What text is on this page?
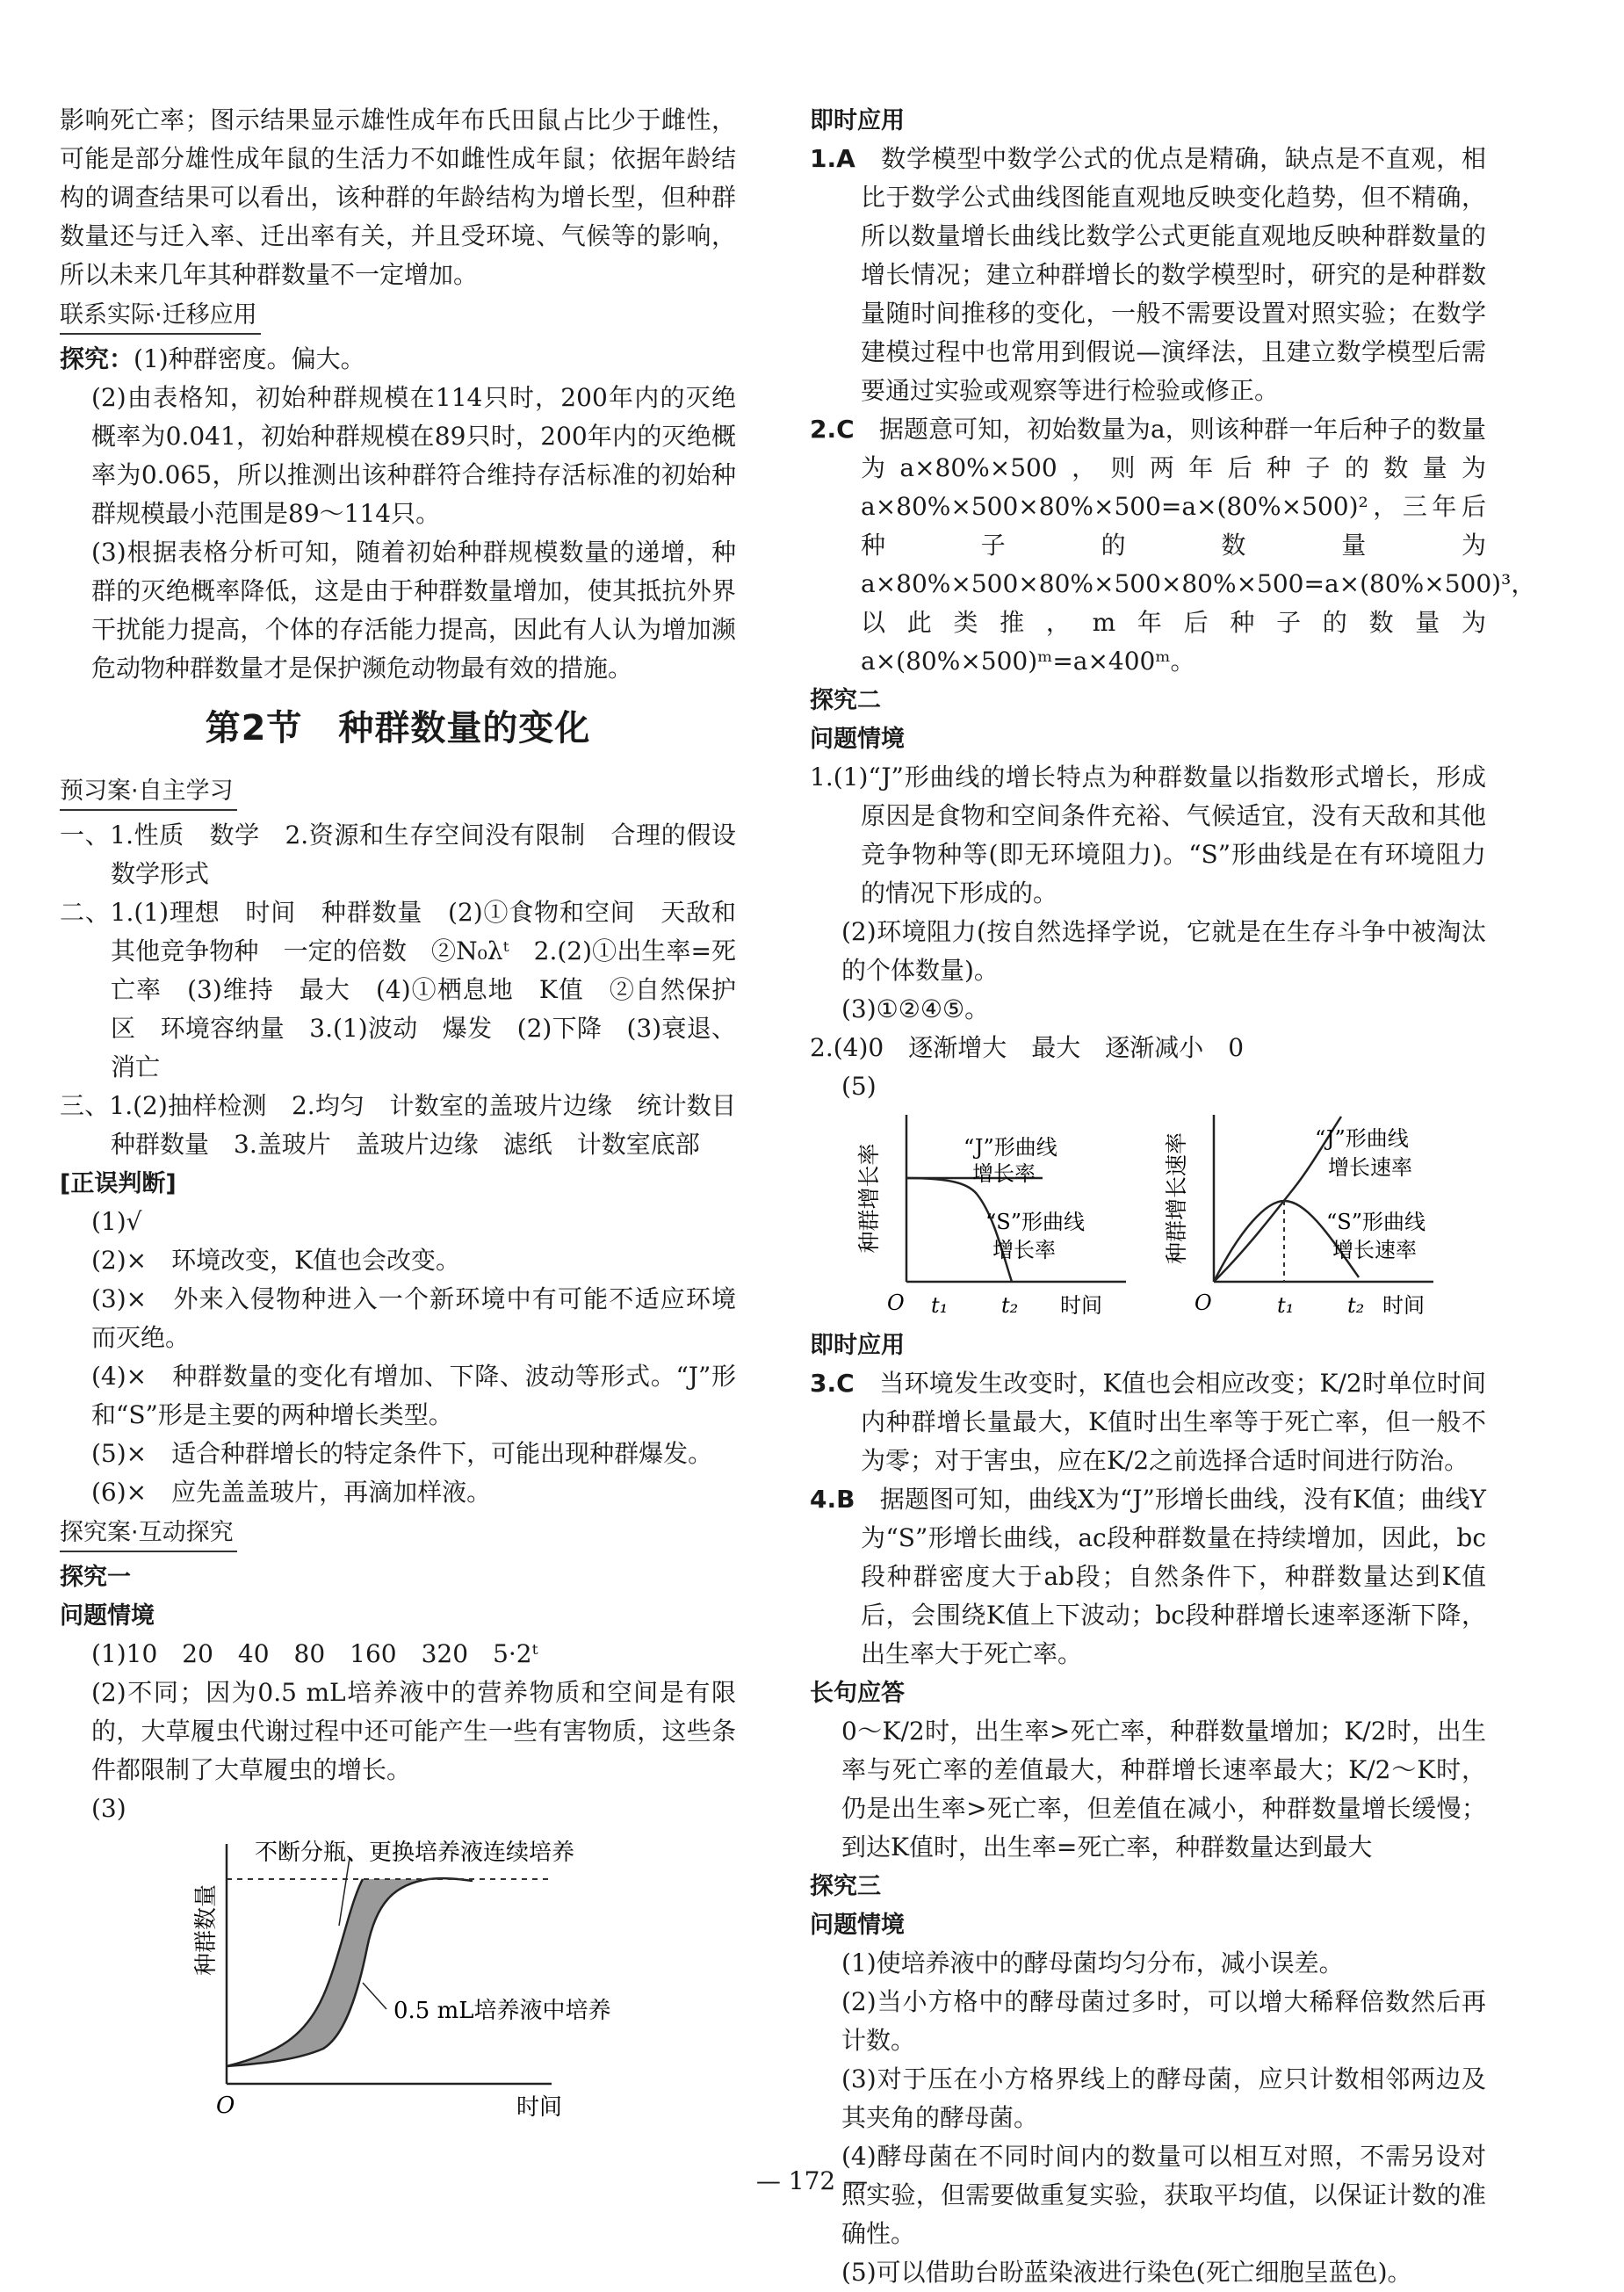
影响死亡率；图示结果显示雄性成年布氏田鼠占比少于雌性，可能是部分雄性成年鼠的生活力不如雌性成年鼠；依据年龄结构的调查结果可以看出，该种群的年龄结构为增长型，但种群数量还与迁入率、迁出率有关，并且受环境、气候等的影响，所以未来几年其种群数量不一定增加。

联系实际·迁移应用

探究：(1)种群密度。偏大。

(2)由表格知，初始种群规模在114只时，200年内的灭绝概率为0.041，初始种群规模在89只时，200年内的灭绝概率为0.065，所以推测出该种群符合维持存活标准的初始种群规模最小范围是89～114只。

(3)根据表格分析可知，随着初始种群规模数量的递增，种群的灭绝概率降低，这是由于种群数量增加，使其抵抗外界干扰能力提高，个体的存活能力提高，因此有人认为增加濒危动物种群数量才是保护濒危动物最有效的措施。

第2节　种群数量的变化
预习案·自主学习

一、1.性质　数学　2.资源和生存空间没有限制　合理的假设　数学形式

二、1.(1)理想　时间　种群数量　(2)①食物和空间　天敌和其他竞争物种　一定的倍数　②N₀λᵗ　2.(2)①出生率=死亡率　(3)维持　最大　(4)①栖息地　K值　②自然保护区　环境容纳量　3.(1)波动　爆发　(2)下降　(3)衰退、消亡

三、1.(2)抽样检测　2.均匀　计数室的盖玻片边缘　统计数目　种群数量　3.盖玻片　盖玻片边缘　滤纸　计数室底部

[正误判断]

(1)√

(2)×　环境改变，K值也会改变。

(3)×　外来入侵物种进入一个新环境中有可能不适应环境而灭绝。

(4)×　种群数量的变化有增加、下降、波动等形式。“J”形和“S”形是主要的两种增长类型。

(5)×　适合种群增长的特定条件下，可能出现种群爆发。

(6)×　应先盖盖玻片，再滴加样液。

探究案·互动探究
探究一
问题情境

(1)10　20　40　80　160　320　5·2ᵗ

(2)不同；因为0.5 mL培养液中的营养物质和空间是有限的，大草履虫代谢过程中还可能产生一些有害物质，这些条件都限制了大草履虫的增长。

(3)

种群数量
时间
O
不断分瓶、更换培养液连续培养
0.5 mL培养液中培养
即时应用

1.A　 数学模型中数学公式的优点是精确，缺点是不直观，相比于数学公式曲线图能直观地反映变化趋势，但不精确，所以数量增长曲线比数学公式更能直观地反映种群数量的增长情况；建立种群增长的数学模型时，研究的是种群数量随时间推移的变化，一般不需要设置对照实验；在数学建模过程中也常用到假说—演绎法，且建立数学模型后需要通过实验或观察等进行检验或修正。

2.C　 据题意可知，初始数量为a，则该种群一年后种子的数量为a×80%×500，则两年后种子的数量为a×80%×500×80%×500=a×(80%×500)²，三年后种子的数量为a×80%×500×80%×500×80%×500=a×(80%×500)³，以此类推，m年后种子的数量为a×(80%×500)ᵐ=a×400ᵐ。

探究二
问题情境

1.(1)“J”形曲线的增长特点为种群数量以指数形式增长，形成原因是食物和空间条件充裕、气候适宜，没有天敌和其他竞争物种等(即无环境阻力)。“S”形曲线是在有环境阻力的情况下形成的。

(2)环境阻力(按自然选择学说，它就是在生存斗争中被淘汰的个体数量)。

(3)①②④⑤。

2.(4)0　逐渐增大　最大　逐渐减小　0

(5)

种群增长率	“J”形曲线
增长率
“S”形曲线
增长率
O t₁	t₂ 时间
种群增长速率	“J”形曲线
增长速率
“S”形曲线
增长速率
O	t₁	t₂ 时间
即时应用

3.C　 当环境发生改变时，K值也会相应改变；K/2时单位时间内种群增长量最大，K值时出生率等于死亡率，但一般不为零；对于害虫，应在K/2之前选择合适时间进行防治。

4.B　 据题图可知，曲线X为“J”形增长曲线，没有K值；曲线Y为“S”形增长曲线，ac段种群数量在持续增加，因此，bc段种群密度大于ab段；自然条件下，种群数量达到K值后，会围绕K值上下波动；bc段种群增长速率逐渐下降，出生率大于死亡率。

长句应答

0～K/2时，出生率>死亡率，种群数量增加；K/2时，出生率与死亡率的差值最大，种群增长速率最大；K/2～K时，仍是出生率>死亡率，但差值在减小，种群数量增长缓慢；到达K值时，出生率=死亡率，种群数量达到最大

探究三
问题情境

(1)使培养液中的酵母菌均匀分布，减小误差。

(2)当小方格中的酵母菌过多时，可以增大稀释倍数然后再计数。

(3)对于压在小方格界线上的酵母菌，应只计数相邻两边及其夹角的酵母菌。

(4)酵母菌在不同时间内的数量可以相互对照，不需另设对照实验，但需要做重复实验，获取平均值，以保证计数的准确性。

(5)可以借助台盼蓝染液进行染色(死亡细胞呈蓝色)。

— 172 —
